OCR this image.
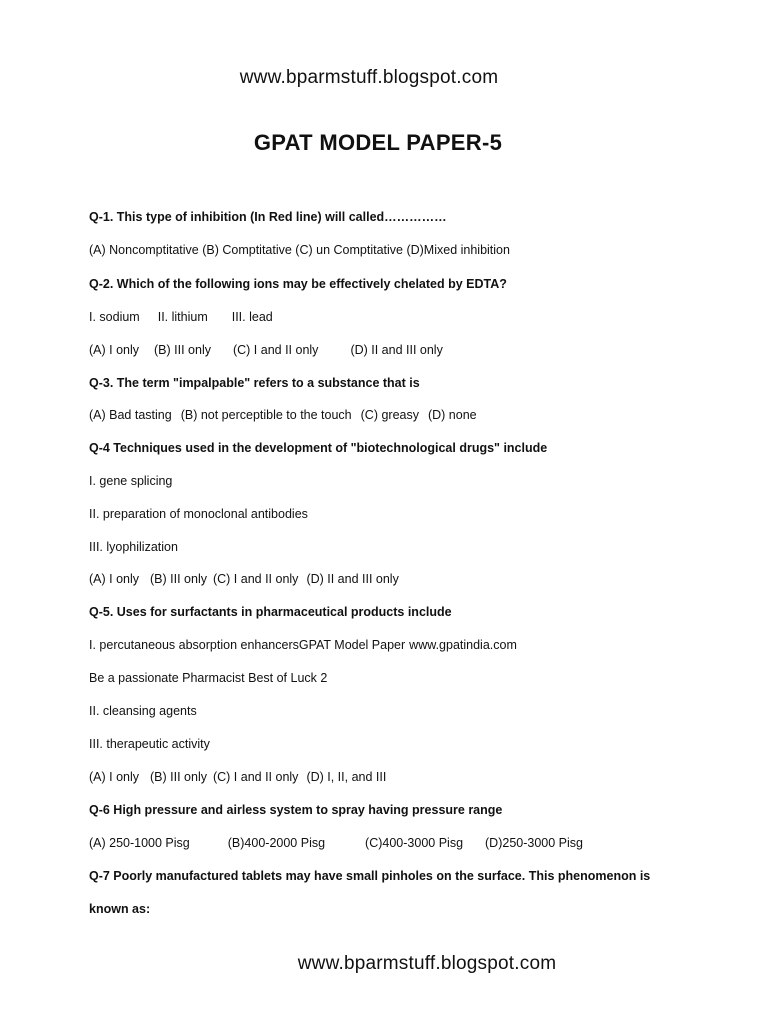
www.bparmstuff.blogspot.com
GPAT MODEL PAPER-5
Q-1. This type of inhibition (In Red line) will called……………
(A) Noncomptitative (B) Comptitative (C) un Comptitative (D)Mixed inhibition
Q-2. Which of the following ions may be effectively chelated by EDTA?
I. sodium II. lithium III. lead
(A) I only (B) III only (C) I and II only	(D) II and III only
Q-3. The term "impalpable" refers to a substance that is
(A) Bad tasting (B) not perceptible to the touch (C) greasy (D) none
Q-4 Techniques used in the development of "biotechnological drugs" include
I. gene splicing
II. preparation of monoclonal antibodies
III. lyophilization
(A) I only (B) III only (C) I and II only (D) II and III only
Q-5. Uses for surfactants in pharmaceutical products include
I. percutaneous absorption enhancersGPAT Model Paper www.gpatindia.com
Be a passionate Pharmacist Best of Luck 2
II. cleansing agents
III. therapeutic activity
(A) I only (B) III only (C) I and II only (D) I, II, and III
Q-6 High pressure and airless system to spray having pressure range
(A) 250-1000 Pisg	(B)400-2000 Pisg	(C)400-3000 Pisg (D)250-3000 Pisg
Q-7 Poorly manufactured tablets may have small pinholes on the surface. This phenomenon is
known as:
www.bparmstuff.blogspot.com
